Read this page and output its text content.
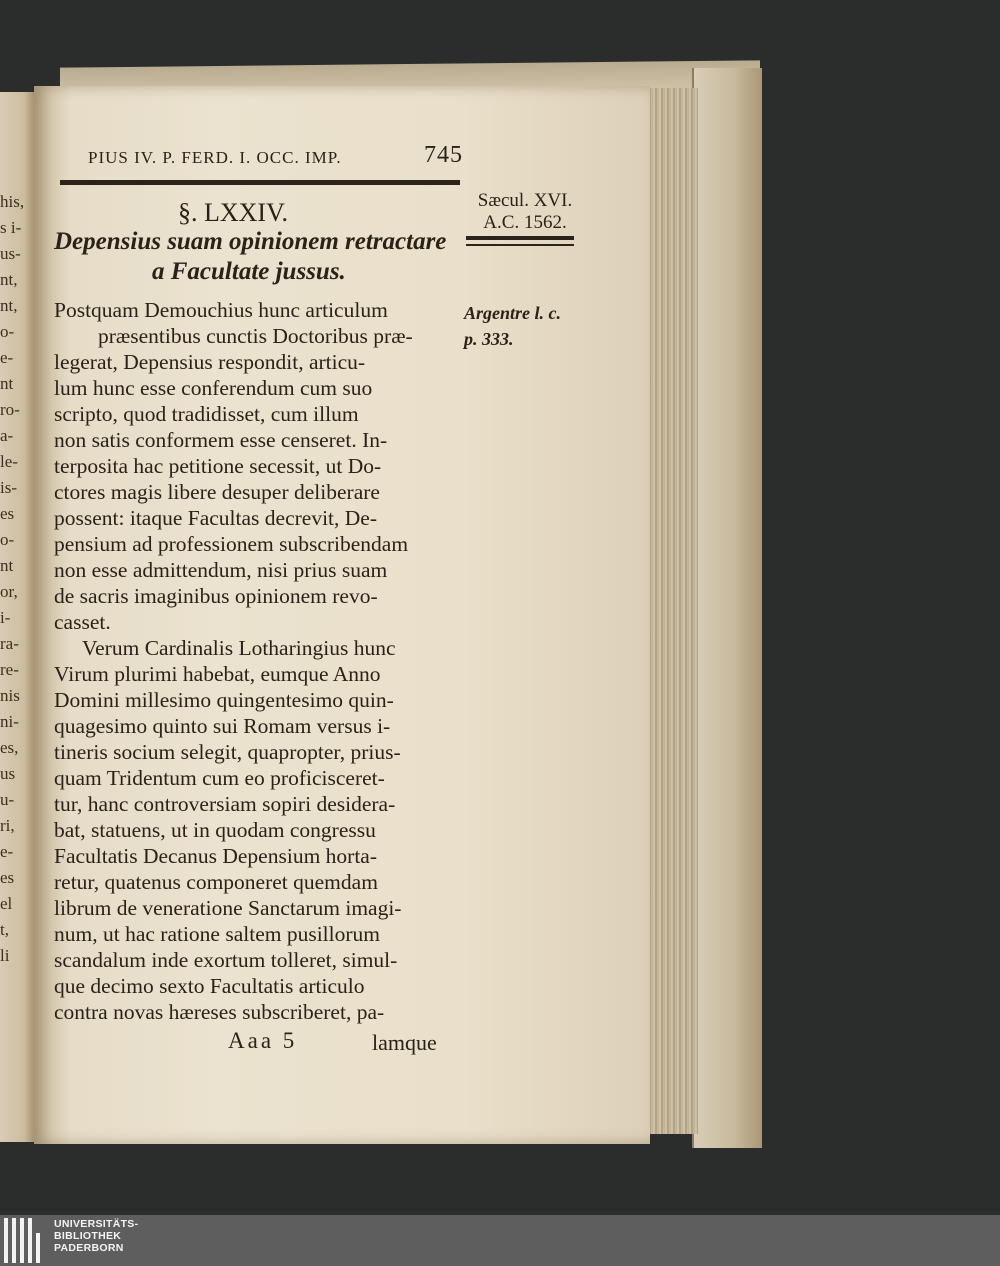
his,
s i-
us-
nt,
nt,
o-
e-
nt
ro-
a-
le-
is-
es
o-
nt
or,
i-
ra-
re-
nis
ni-
es,
us
u-
ri,
e-
es
el
t,
li
PIUS IV. P. FERD. I. OCC. IMP.	745
Sæcul. XVI.
A.C. 1562.
§. LXXIV.
Depensius suam opinionem retractare
a Facultate jussus.
Argentre l. c.
p. 333.
Postquam Demouchius hunc articulum
præsentibus cunctis Doctoribus præ-
legerat, Depensius respondit, articu-
lum hunc esse conferendum cum suo
scripto, quod tradidisset, cum illum
non satis conformem esse censeret. In-
terposita hac petitione secessit, ut Do-
ctores magis libere desuper deliberare
possent: itaque Facultas decrevit, De-
pensium ad professionem subscribendam
non esse admittendum, nisi prius suam
de sacris imaginibus opinionem revo-
casset.
Verum Cardinalis Lotharingius hunc
Virum plurimi habebat, eumque Anno
Domini millesimo quingentesimo quin-
quagesimo quinto sui Romam versus i-
tineris socium selegit, quapropter, prius-
quam Tridentum cum eo proficisceret-
tur, hanc controversiam sopiri desidera-
bat, statuens, ut in quodam congressu
Facultatis Decanus Depensium horta-
retur, quatenus componeret quemdam
librum de veneratione Sanctarum imagi-
num, ut hac ratione saltem pusillorum
scandalum inde exortum tolleret, simul-
que decimo sexto Facultatis articulo
contra novas hæreses subscriberet, pa-
Aaa 5	lamque
UNIVERSITÄTS-
BIBLIOTHEK
PADERBORN
